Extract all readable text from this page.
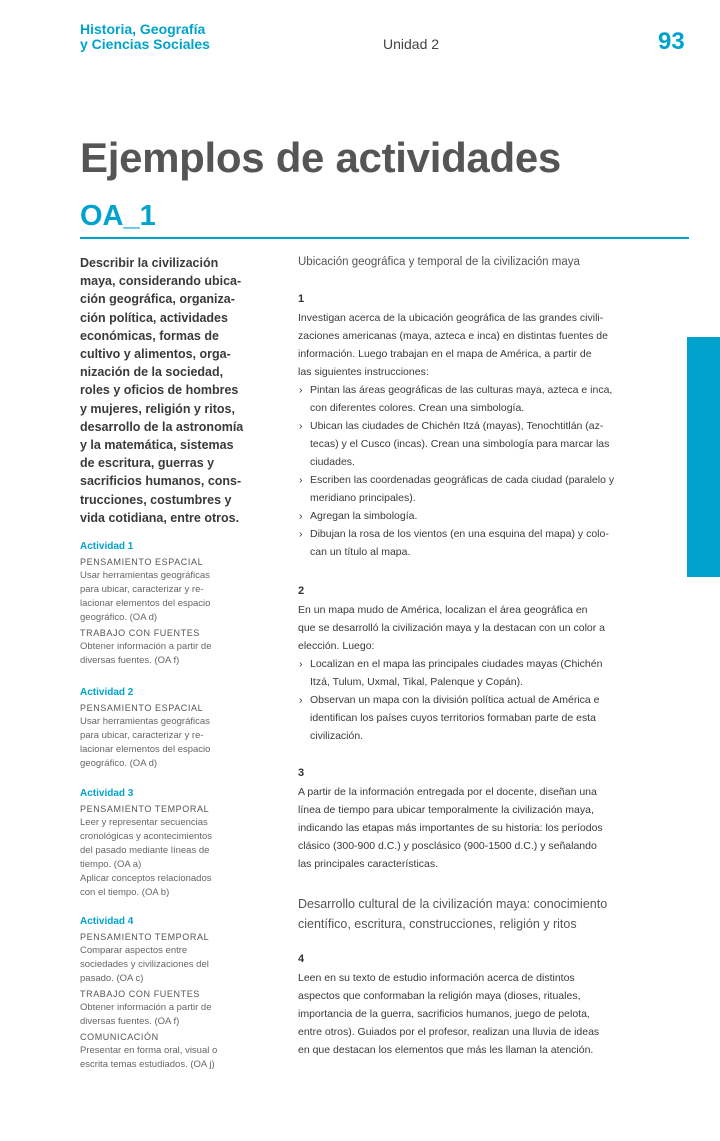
Historia, Geografía
y Ciencias Sociales	Unidad 2	93
Ejemplos de actividades
OA_1
Describir la civilización
maya, considerando ubica-
ción geográfica, organiza-
ción política, actividades
económicas, formas de
cultivo y alimentos, orga-
nización de la sociedad,
roles y oficios de hombres
y mujeres, religión y ritos,
desarrollo de la astronomía
y la matemática, sistemas
de escritura, guerras y
sacrificios humanos, cons-
trucciones, costumbres y
vida cotidiana, entre otros.
Actividad 1
PENSAMIENTO ESPACIAL
Usar herramientas geográficas
para ubicar, caracterizar y re-
lacionar elementos del espacio
geográfico. (OA d)
TRABAJO CON FUENTES
Obtener información a partir de
diversas fuentes. (OA f)
Actividad 2
PENSAMIENTO ESPACIAL
Usar herramientas geográficas
para ubicar, caracterizar y re-
lacionar elementos del espacio
geográfico. (OA d)
Actividad 3
PENSAMIENTO TEMPORAL
Leer y representar secuencias
cronológicas y acontecimientos
del pasado mediante líneas de
tiempo. (OA a)
Aplicar conceptos relacionados
con el tiempo. (OA b)
Actividad 4
PENSAMIENTO TEMPORAL
Comparar aspectos entre
sociedades y civilizaciones del
pasado. (OA c)
TRABAJO CON FUENTES
Obtener información a partir de
diversas fuentes. (OA f)
COMUNICACIÓN
Presentar en forma oral, visual o
escrita temas estudiados. (OA j)
Ubicación geográfica y temporal de la civilización maya
1
Investigan acerca de la ubicación geográfica de las grandes civili-
zaciones americanas (maya, azteca e inca) en distintas fuentes de
información. Luego trabajan en el mapa de América, a partir de
las siguientes instrucciones:
› Pintan las áreas geográficas de las culturas maya, azteca e inca,
con diferentes colores. Crean una simbología.
› Ubican las ciudades de Chichén Itzá (mayas), Tenochtitlán (az-
tecas) y el Cusco (incas). Crean una simbología para marcar las
ciudades.
› Escriben las coordenadas geográficas de cada ciudad (paralelo y
meridiano principales).
› Agregan la simbología.
› Dibujan la rosa de los vientos (en una esquina del mapa) y colo-
can un título al mapa.
2
En un mapa mudo de América, localizan el área geográfica en
que se desarrolló la civilización maya y la destacan con un color a
elección. Luego:
› Localizan en el mapa las principales ciudades mayas (Chichén
Itzá, Tulum, Uxmal, Tikal, Palenque y Copán).
› Observan un mapa con la división política actual de América e
identifican los países cuyos territorios formaban parte de esta
civilización.
3
A partir de la información entregada por el docente, diseñan una
línea de tiempo para ubicar temporalmente la civilización maya,
indicando las etapas más importantes de su historia: los períodos
clásico (300-900 d.C.) y posclásico (900-1500 d.C.) y señalando
las principales características.
Desarrollo cultural de la civilización maya: conocimiento
científico, escritura, construcciones, religión y ritos
4
Leen en su texto de estudio información acerca de distintos
aspectos que conformaban la religión maya (dioses, rituales,
importancia de la guerra, sacrificios humanos, juego de pelota,
entre otros). Guiados por el profesor, realizan una lluvia de ideas
en que destacan los elementos que más les llaman la atención.
